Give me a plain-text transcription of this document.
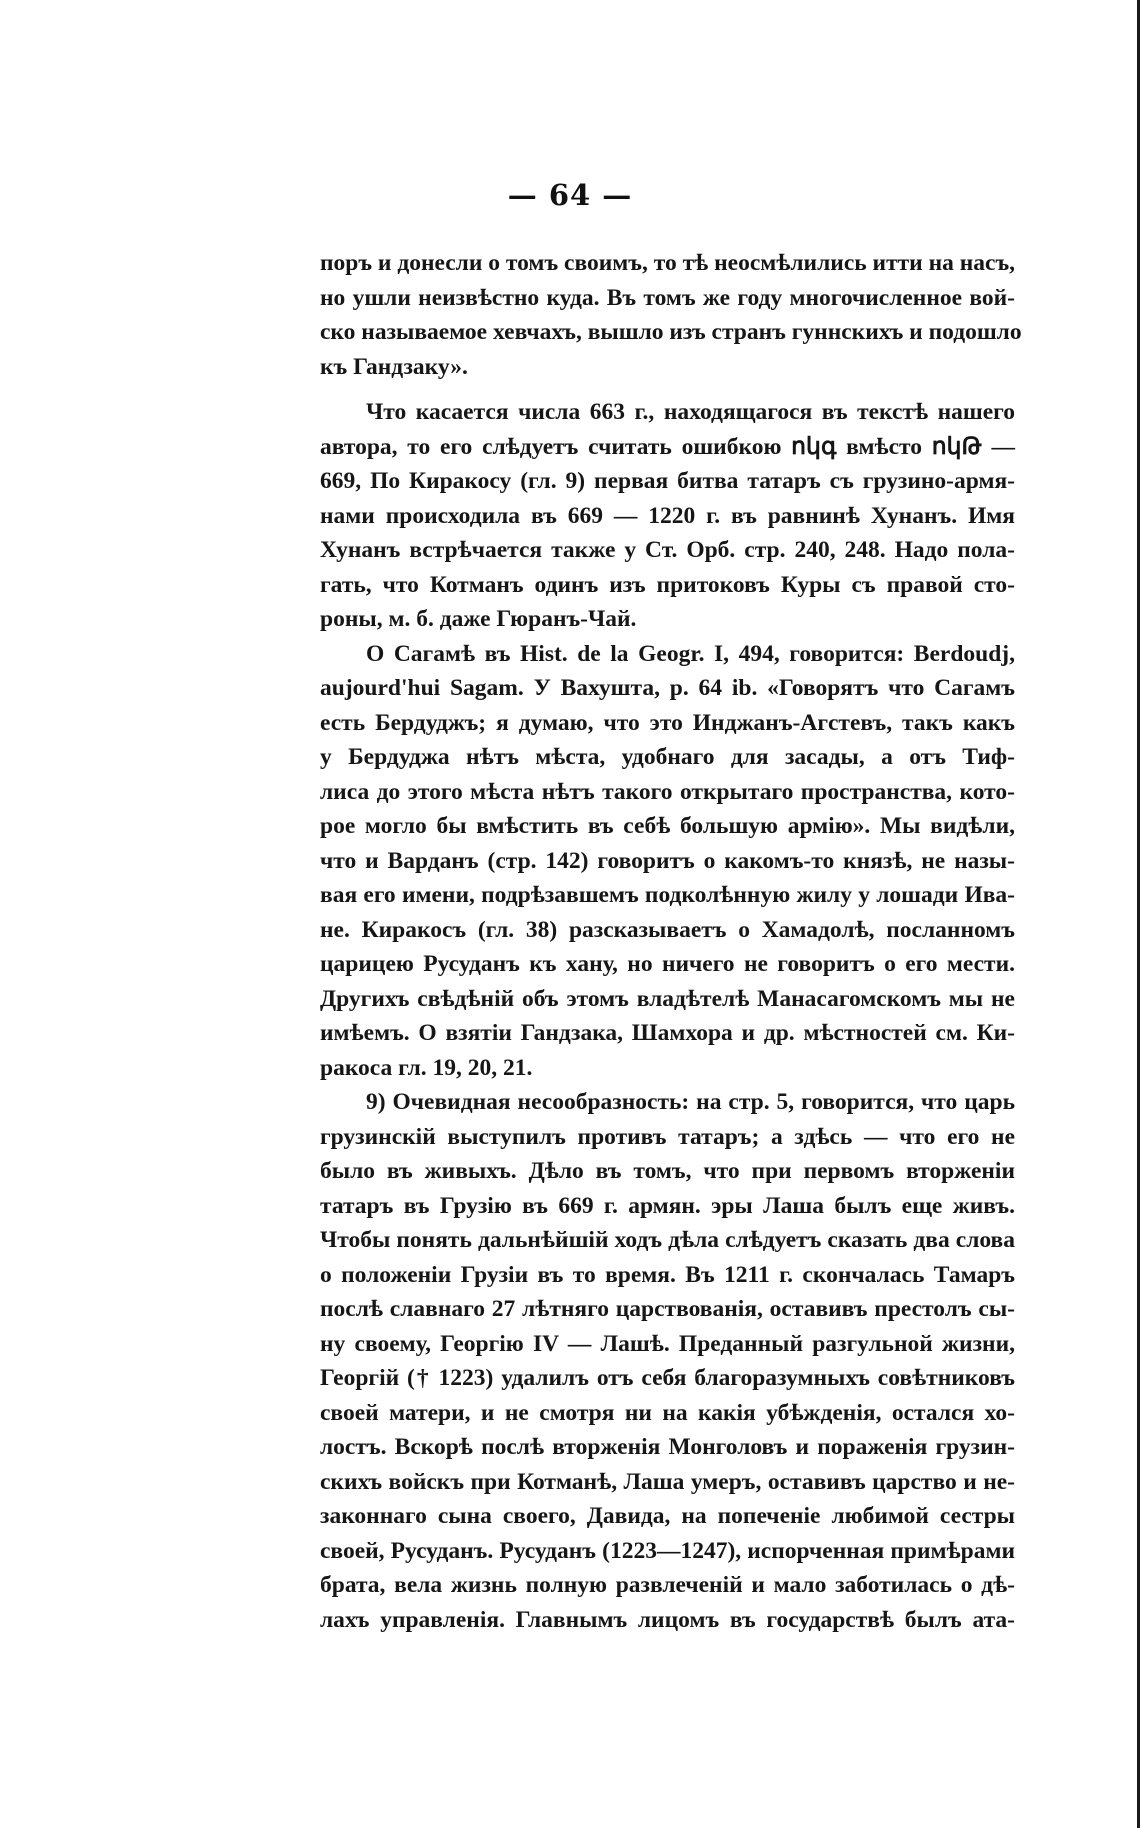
— 64 —
поръ и донесли о томъ своимъ, то тѣ неосмѣлились итти на насъ,
но ушли неизвѣстно куда. Въ томъ же году многочисленное вой-
ско называемое хевчахъ, вышло изъ странъ гуннскихъ и подошло
къ Гандзаку».
Что касается числа 663 г., находящагося въ текстѣ нашего
автора, то его слѣдуетъ считать ошибкою ոկգ вмѣсто ոկԹ —
669, По Киракосу (гл. 9) первая битва татаръ съ грузино-армя-
нами происходила въ 669 — 1220 г. въ равнинѣ Хунанъ. Имя
Хунанъ встрѣчается также у Ст. Орб. стр. 240, 248. Надо пола-
гать, что Котманъ одинъ изъ притоковъ Куры съ правой сто-
роны, м. б. даже Гюранъ-Чай.
О Сагамѣ въ Hist. de la Geogr. I, 494, говорится: Berdoudj,
aujourd'hui Sagam. У Вахушта, p. 64 ib. «Говорятъ что Сагамъ
есть Бердуджъ; я думаю, что это Инджанъ-Агстевъ, такъ какъ
у Бердуджа нѣтъ мѣста, удобнаго для засады, а отъ Тиф-
лиса до этого мѣста нѣтъ такого открытаго пространства, кото-
рое могло бы вмѣстить въ себѣ большую армію». Мы видѣли,
что и Варданъ (стр. 142) говоритъ о какомъ-то князѣ, не назы-
вая его имени, подрѣзавшемъ подколѣнную жилу у лошади Ива-
не. Киракосъ (гл. 38) разсказываетъ о Хамадолѣ, посланномъ
царицею Русуданъ къ хану, но ничего не говоритъ о его мести.
Другихъ свѣдѣній объ этомъ владѣтелѣ Манасагомскомъ мы не
имѣемъ. О взятіи Гандзака, Шамхора и др. мѣстностей см. Ки-
ракоса гл. 19, 20, 21.
9) Очевидная несообразность: на стр. 5, говорится, что царь
грузинскій выступилъ противъ татаръ; а здѣсь — что его не
было въ живыхъ. Дѣло въ томъ, что при первомъ вторженіи
татаръ въ Грузію въ 669 г. армян. эры Лаша былъ еще живъ.
Чтобы понять дальнѣйшій ходъ дѣла слѣдуетъ сказать два слова
о положеніи Грузіи въ то время. Въ 1211 г. скончалась Тамаръ
послѣ славнаго 27 лѣтняго царствованія, оставивъ престолъ сы-
ну своему, Георгію IV — Лашѣ. Преданный разгульной жизни,
Георгій († 1223) удалилъ отъ себя благоразумныхъ совѣтниковъ
своей матери, и не смотря ни на какія убѣжденія, остался хо-
лостъ. Вскорѣ послѣ вторженія Монголовъ и пораженія грузин-
скихъ войскъ при Котманѣ, Лаша умеръ, оставивъ царство и не-
законнаго сына своего, Давида, на попеченіе любимой сестры
своей, Русуданъ. Русуданъ (1223—1247), испорченная примѣрами
брата, вела жизнь полную развлеченій и мало заботилась о дѣ-
лахъ управленія. Главнымъ лицомъ въ государствѣ былъ ата-
